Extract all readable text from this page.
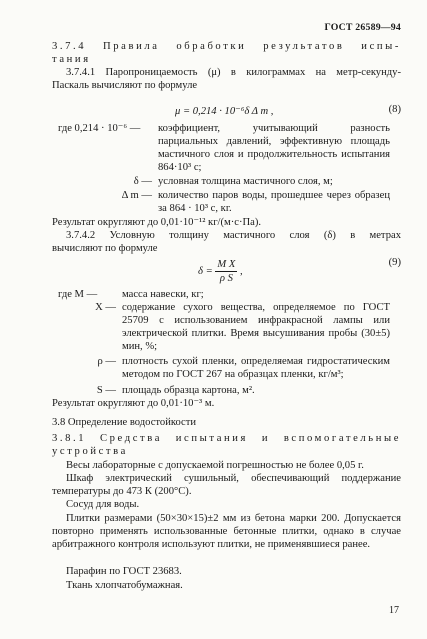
ГОСТ 26589—94
3.7.4 Правила обработки результатов испы-
тания
3.7.4.1 Паропроницаемость (μ) в килограммах на метр-секунду-
Паскаль вычисляют по формуле
μ = 0,214 · 10⁻⁶δ Δ m ,	(8)
где 0,214 · 10⁻⁶ — коэффициент, учитывающий разность парциальных давлений, эффективную площадь мастичного слоя и продолжительность испытания 864·10³ с;
δ — условная толщина мастичного слоя, м;
Δ m — количество паров воды, прошедшее через образец за 864 · 10³ с, кг.
Результат округляют до 0,01·10⁻¹² кг/(м·с·Па).
3.7.4.2 Условную толщину мастичного слоя (δ) в метрах
вычисляют по формуле
$\delta = \frac{\text{M X}}{\text{ρ S}}$ ,
(9)
где M — масса навески, кг;
X — содержание сухого вещества, определяемое по ГОСТ 25709 с использованием инфракрасной лампы или электрической плитки. Время высушивания пробы (30±5) мин, %;
ρ — плотность сухой пленки, определяемая гидростатическим методом по ГОСТ 267 на образцах пленки, кг/м³;
S — площадь образца картона, м².
Результат округляют до 0,01·10⁻³ м.
3.8 Определение водостойкости
3.8.1 Средства испытания и вспомогательные
устройства
Весы лабораторные с допускаемой погрешностью не более 0,05 г.
Шкаф электрический сушильный, обеспечивающий поддержание температуры до 473 К (200°С).
Сосуд для воды.
Плитки размерами (50×30×15)±2 мм из бетона марки 200. Допускается повторно применять использованные бетонные плитки, однако в случае арбитражного контроля используют плитки, не применявшиеся ранее.
Парафин по ГОСТ 23683.
Ткань хлопчатобумажная.
17
